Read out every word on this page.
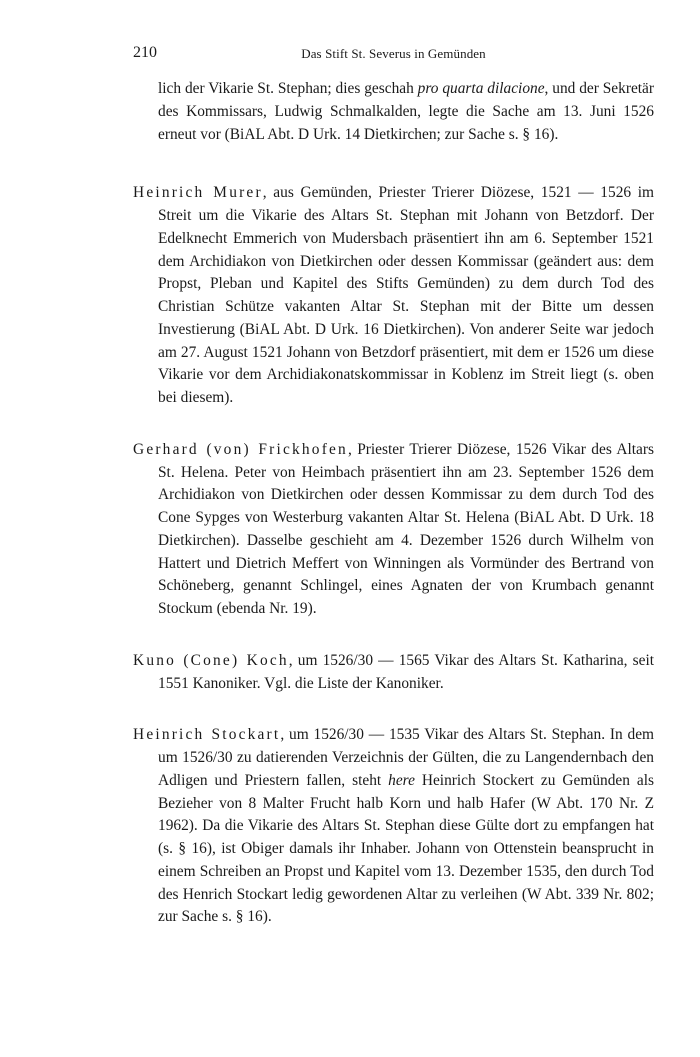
210	Das Stift St. Severus in Gemünden

lich der Vikarie St. Stephan; dies geschah pro quarta dilacione, und der Sekretär des Kommissars, Ludwig Schmalkalden, legte die Sache am 13. Juni 1526 erneut vor (BiAL Abt. D Urk. 14 Dietkirchen; zur Sache s. § 16).

Heinrich Murer, aus Gemünden, Priester Trierer Diözese, 1521 — 1526 im Streit um die Vikarie des Altars St. Stephan mit Johann von Betzdorf. Der Edelknecht Emmerich von Mudersbach präsentiert ihn am 6. September 1521 dem Archidiakon von Dietkirchen oder dessen Kommissar (geändert aus: dem Propst, Pleban und Kapitel des Stifts Gemünden) zu dem durch Tod des Christian Schütze vakanten Altar St. Stephan mit der Bitte um dessen Investierung (BiAL Abt. D Urk. 16 Dietkirchen). Von anderer Seite war jedoch am 27. August 1521 Johann von Betzdorf präsentiert, mit dem er 1526 um diese Vikarie vor dem Archidiakonatskommissar in Koblenz im Streit liegt (s. oben bei diesem).

Gerhard (von) Frickhofen, Priester Trierer Diözese, 1526 Vikar des Altars St. Helena. Peter von Heimbach präsentiert ihn am 23. September 1526 dem Archidiakon von Dietkirchen oder dessen Kommissar zu dem durch Tod des Cone Sypges von Westerburg vakanten Altar St. Helena (BiAL Abt. D Urk. 18 Dietkirchen). Dasselbe geschieht am 4. Dezember 1526 durch Wilhelm von Hattert und Dietrich Meffert von Winningen als Vormünder des Bertrand von Schöneberg, genannt Schlingel, eines Agnaten der von Krumbach genannt Stockum (ebenda Nr. 19).

Kuno (Cone) Koch, um 1526/30 — 1565 Vikar des Altars St. Katharina, seit 1551 Kanoniker. Vgl. die Liste der Kanoniker.

Heinrich Stockart, um 1526/30 — 1535 Vikar des Altars St. Stephan. In dem um 1526/30 zu datierenden Verzeichnis der Gülten, die zu Langendernbach den Adligen und Priestern fallen, steht here Heinrich Stockert zu Gemünden als Bezieher von 8 Malter Frucht halb Korn und halb Hafer (W Abt. 170 Nr. Z 1962). Da die Vikarie des Altars St. Stephan diese Gülte dort zu empfangen hat (s. § 16), ist Obiger damals ihr Inhaber. Johann von Ottenstein beansprucht in einem Schreiben an Propst und Kapitel vom 13. Dezember 1535, den durch Tod des Henrich Stockart ledig gewordenen Altar zu verleihen (W Abt. 339 Nr. 802; zur Sache s. § 16).
